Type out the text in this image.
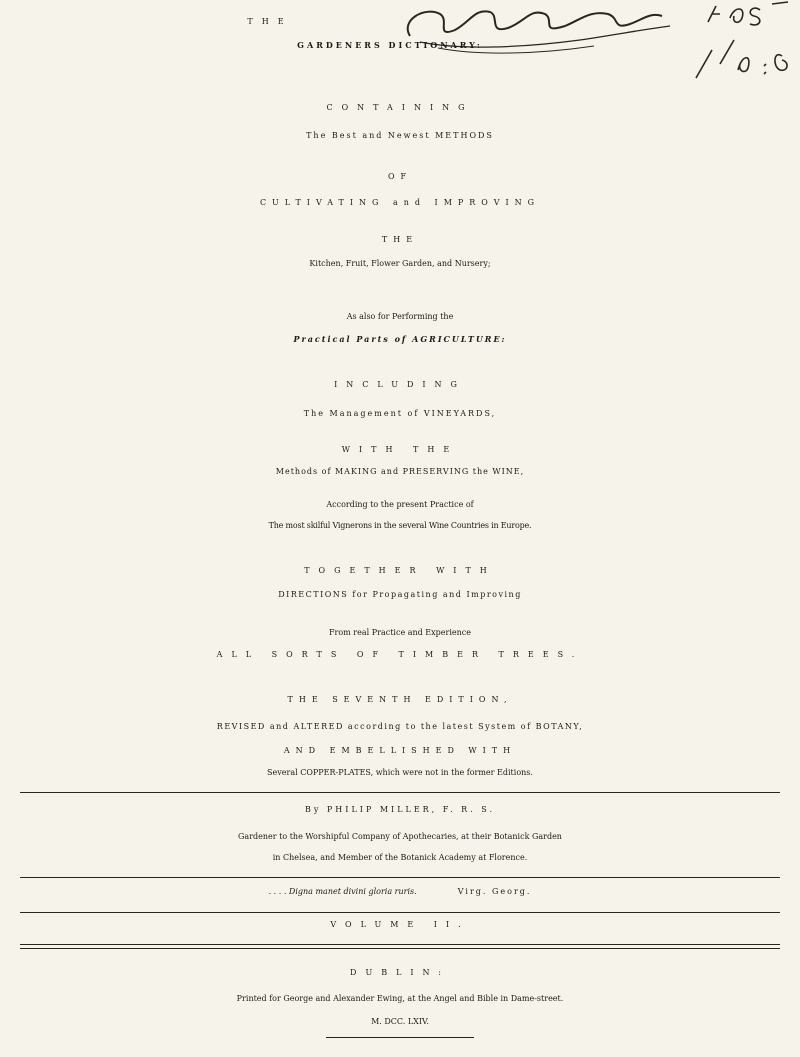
THE
GARDENERS DICTIONARY:
CONTAINING
The Best and Newest METHODS
OF
CULTIVATING and IMPROVING
THE
Kitchen, Fruit, Flower Garden, and Nursery;
As also for Performing the
Practical Parts of AGRICULTURE:
INCLUDING
The Management of VINEYARDS,
WITH THE
Methods of MAKING and PRESERVING the WINE,
According to the present Practice of
The most skilful Vignerons in the several Wine Countries in Europe.
TOGETHER WITH
DIRECTIONS for Propagating and Improving
From real Practice and Experience
ALL SORTS OF TIMBER TREES.
THE SEVENTH EDITION,
REVISED and ALTERED according to the latest System of BOTANY,
AND EMBELLISHED WITH
Several COPPER-PLATES, which were not in the former Editions.
By PHILIP MILLER, F. R. S.
Gardener to the Worshipful Company of Apothecaries, at their Botanick Garden
in Chelsea, and Member of the Botanick Academy at Florence.
. . . . Digna manet divini gloria ruris.	Virg. Georg.
VOLUME II.
DUBLIN:
Printed for George and Alexander Ewing, at the Angel and Bible in Dame-street.
M. DCC. LXIV.
